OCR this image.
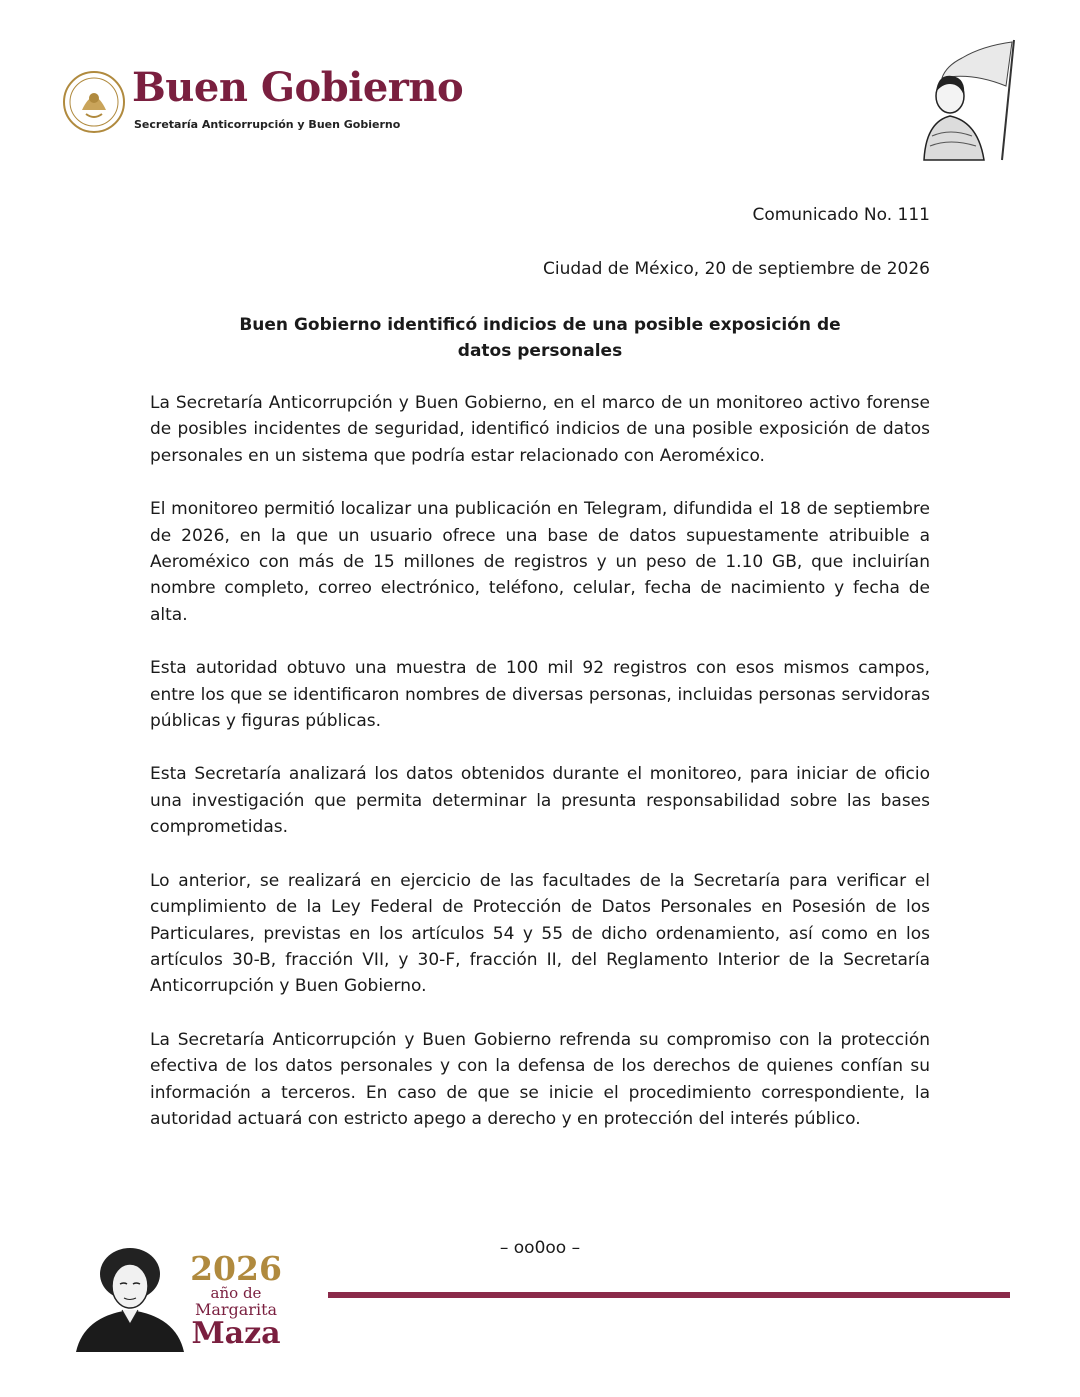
Buen Gobierno
Secretaría Anticorrupción y Buen Gobierno
Comunicado No. 111
Ciudad de México, 20 de septiembre de 2026
Buen Gobierno identificó indicios de una posible exposición de
datos personales

La Secretaría Anticorrupción y Buen Gobierno, en el marco de un monitoreo activo forense de posibles incidentes de seguridad, identificó indicios de una posible exposición de datos personales en un sistema que podría estar relacionado con Aeroméxico.

El monitoreo permitió localizar una publicación en Telegram, difundida el 18 de septiembre de 2026, en la que un usuario ofrece una base de datos supuestamente atribuible a Aeroméxico con más de 15 millones de registros y un peso de 1.10 GB, que incluirían nombre completo, correo electrónico, teléfono, celular, fecha de nacimiento y fecha de alta.

Esta autoridad obtuvo una muestra de 100 mil 92 registros con esos mismos campos, entre los que se identificaron nombres de diversas personas, incluidas personas servidoras públicas y figuras públicas.

Esta Secretaría analizará los datos obtenidos durante el monitoreo, para iniciar de oficio una investigación que permita determinar la presunta responsabilidad sobre las bases comprometidas.

Lo anterior, se realizará en ejercicio de las facultades de la Secretaría para verificar el cumplimiento de la Ley Federal de Protección de Datos Personales en Posesión de los Particulares, previstas en los artículos 54 y 55 de dicho ordenamiento, así como en los artículos 30-B, fracción VII, y 30-F, fracción II, del Reglamento Interior de la Secretaría Anticorrupción y Buen Gobierno.

La Secretaría Anticorrupción y Buen Gobierno refrenda su compromiso con la protección efectiva de los datos personales y con la defensa de los derechos de quienes confían su información a terceros. En caso de que se inicie el procedimiento correspondiente, la autoridad actuará con estricto apego a derecho y en protección del interés público.

– oo0oo –
2026
año de
Margarita
Maza
